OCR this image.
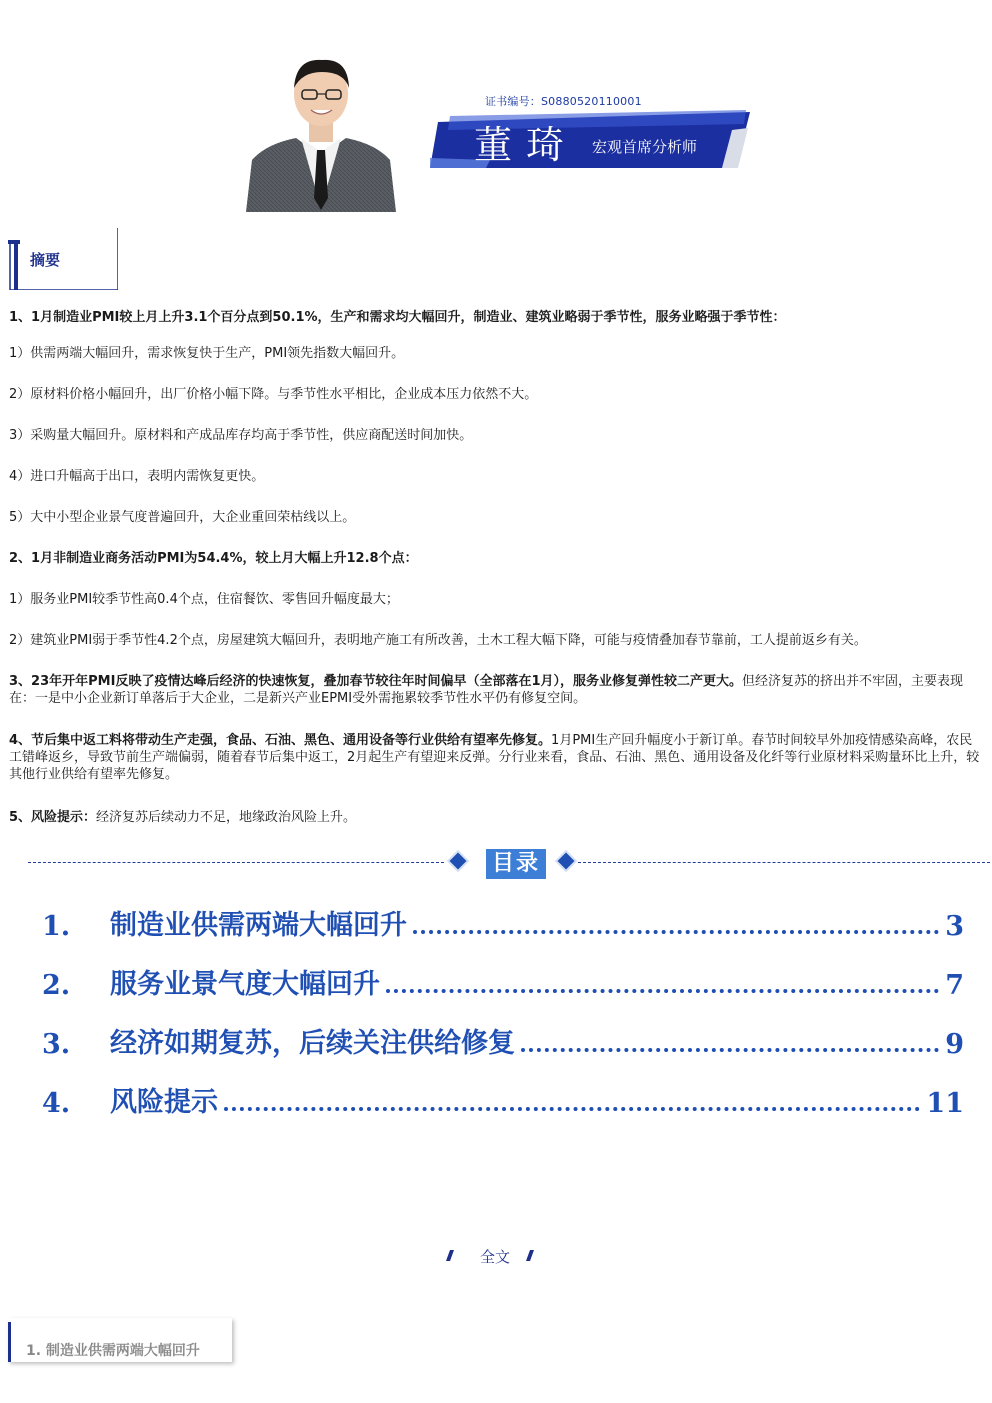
证书编号：S0880520110001
董琦 宏观首席分析师
摘要
1、1月制造业PMI较上月上升3.1个百分点到50.1%，生产和需求均大幅回升，制造业、建筑业略弱于季节性，服务业略强于季节性：
1）供需两端大幅回升，需求恢复快于生产，PMI领先指数大幅回升。
2）原材料价格小幅回升，出厂价格小幅下降。与季节性水平相比，企业成本压力依然不大。
3）采购量大幅回升。原材料和产成品库存均高于季节性，供应商配送时间加快。
4）进口升幅高于出口，表明内需恢复更快。
5）大中小型企业景气度普遍回升，大企业重回荣枯线以上。
2、1月非制造业商务活动PMI为54.4%，较上月大幅上升12.8个点：
1）服务业PMI较季节性高0.4个点，住宿餐饮、零售回升幅度最大；
2）建筑业PMI弱于季节性4.2个点，房屋建筑大幅回升，表明地产施工有所改善，土木工程大幅下降，可能与疫情叠加春节靠前，工人提前返乡有关。
3、23年开年PMI反映了疫情达峰后经济的快速恢复，叠加春节较往年时间偏早（全部落在1月），服务业修复弹性较二产更大。但经济复苏的挤出并不牢固，主要表现在：一是中小企业新订单落后于大企业，二是新兴产业EPMI受外需拖累较季节性水平仍有修复空间。
4、节后集中返工料将带动生产走强，食品、石油、黑色、通用设备等行业供给有望率先修复。1月PMI生产回升幅度小于新订单。春节时间较早外加疫情感染高峰，农民工错峰返乡，导致节前生产端偏弱，随着春节后集中返工，2月起生产有望迎来反弹。分行业来看，食品、石油、黑色、通用设备及化纤等行业原材料采购量环比上升，较其他行业供给有望率先修复。
5、风险提示：经济复苏后续动力不足，地缘政治风险上升。
目录
1.	制造业供需两端大幅回升	3
2.	服务业景气度大幅回升	7
3.	经济如期复苏，后续关注供给修复	9
4.	风险提示	11
全文
1. 制造业供需两端大幅回升
